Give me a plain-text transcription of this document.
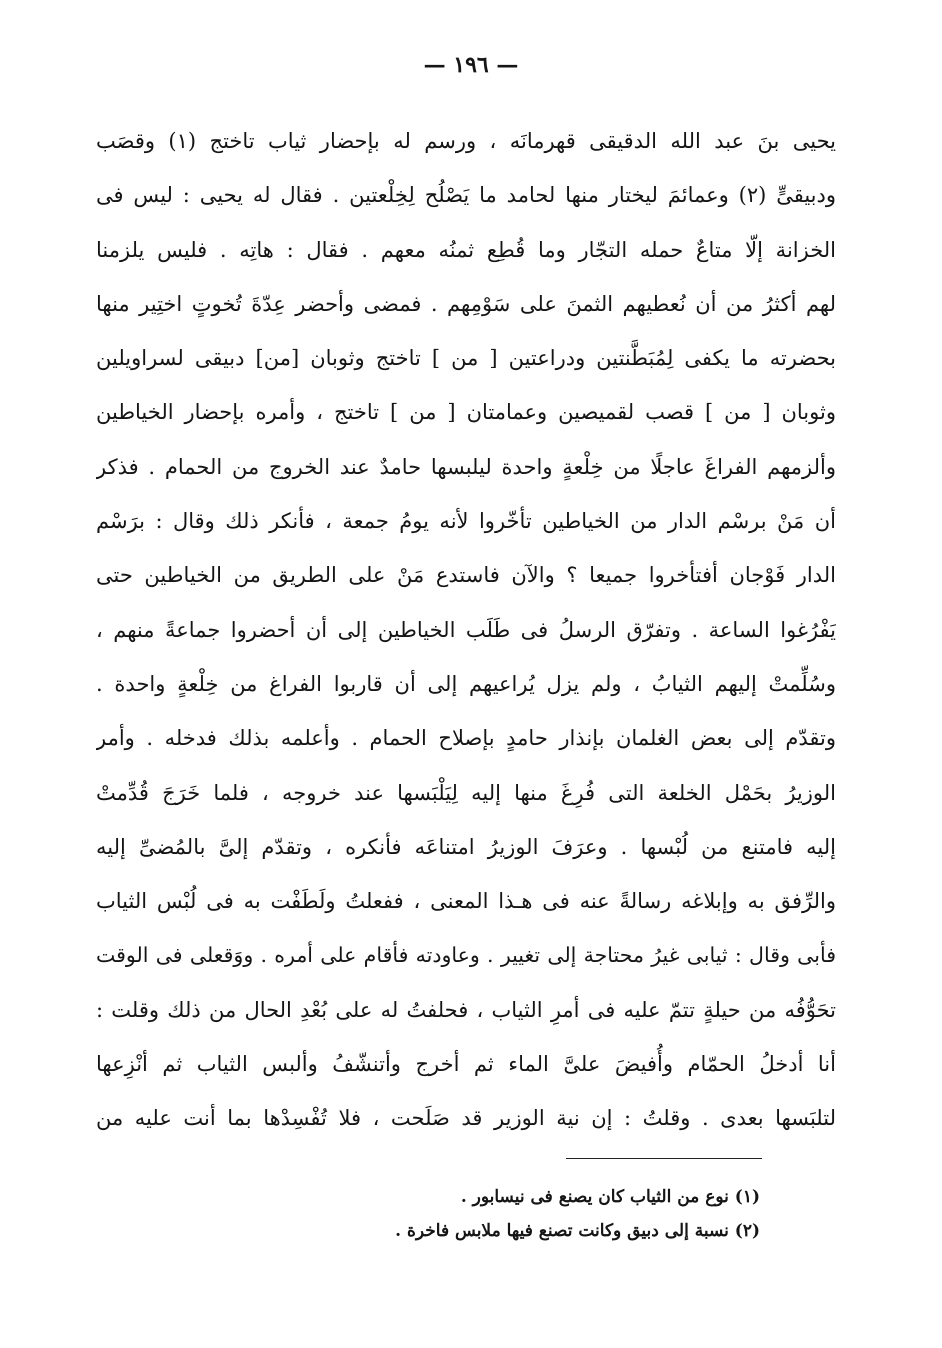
— ١٩٦ —
يحيى بنَ عبد الله الدقيقى قهرمانَه ، ورسم له بإحضار ثياب تاختج (١) وقصَب
ودبيقىٍّ (٢) وعمائمَ ليختار منها لحامد ما يَصْلُح لِخِلْعتين . فقال له يحيى : ليس فى
الخزانة إلّا متاعٌ حمله التجّار وما قُطِع ثمنُه معهم . فقال : هاتِه . فليس يلزمنا
لهم أكثرُ من أن نُعطيهم الثمنَ على سَوْمِهم . فمضى وأحضر عِدّةَ تُخوتٍ اختِير منها
بحضرته ما يكفى لِمُبَطَّنتين ودراعتين [ من ] تاختج وثوبان [من] دبيقى لسراويلين
وثوبان [ من ] قصب لقميصين وعمامتان [ من ] تاختج ، وأمره بإحضار الخياطين
وألزمهم الفراغَ عاجلًا من خِلْعةٍ واحدة ليلبسها حامدٌ عند الخروج من الحمام . فذكر
أن مَنْ برسْم الدار من الخياطين تأخّروا لأنه يومُ جمعة ، فأنكر ذلك وقال : برَسْم
الدار فَوْجان أفتأخروا جميعا ؟ والآن فاستدع مَنْ على الطريق من الخياطين حتى
يَفْرُغوا الساعة . وتفرّق الرسلُ فى طَلَب الخياطين إلى أن أحضروا جماعةً منهم ،
وسُلِّمتْ إليهم الثيابُ ، ولم يزل يُراعيهم إلى أن قاربوا الفراغ من خِلْعةٍ واحدة .
وتقدّم إلى بعض الغلمان بإنذار حامدٍ بإصلاح الحمام . وأعلمه بذلك فدخله . وأمر
الوزيرُ بحَمْل الخلعة التى فُرِغَ منها إليه لِيَلْبَسها عند خروجه ، فلما خَرَجَ قُدِّمتْ
إليه فامتنع من لُبْسها . وعرَفَ الوزيرُ امتناعَه فأنكره ، وتقدّم إلىَّ بالمُضىِّ إليه
والرِّفق به وإبلاغه رسالةً عنه فى هـذا المعنى ، ففعلتُ ولَطَفْت به فى لُبْس الثياب
فأبى وقال : ثيابى غيرُ محتاجة إلى تغيير . وعاودته فأقام على أمره . ووَقعلى فى الوقت
تحَوُّفُه من حيلةٍ تتمّ عليه فى أمرِ الثياب ، فحلفتُ له على بُعْدِ الحال من ذلك وقلت :
أنا أدخلُ الحمّام وأُفيضَ علىَّ الماء ثم أخرج وأتنشّفُ وألبس الثياب ثم أنْزِعها
لتلبَسها بعدى . وقلتُ : إن نية الوزير قد صَلَحت ، فلا تُفْسِدْها بما أنت عليه من
(١) نوع من الثياب كان يصنع فى نيسابور .
(٢) نسبة إلى دبيق وكانت تصنع فيها ملابس فاخرة .
